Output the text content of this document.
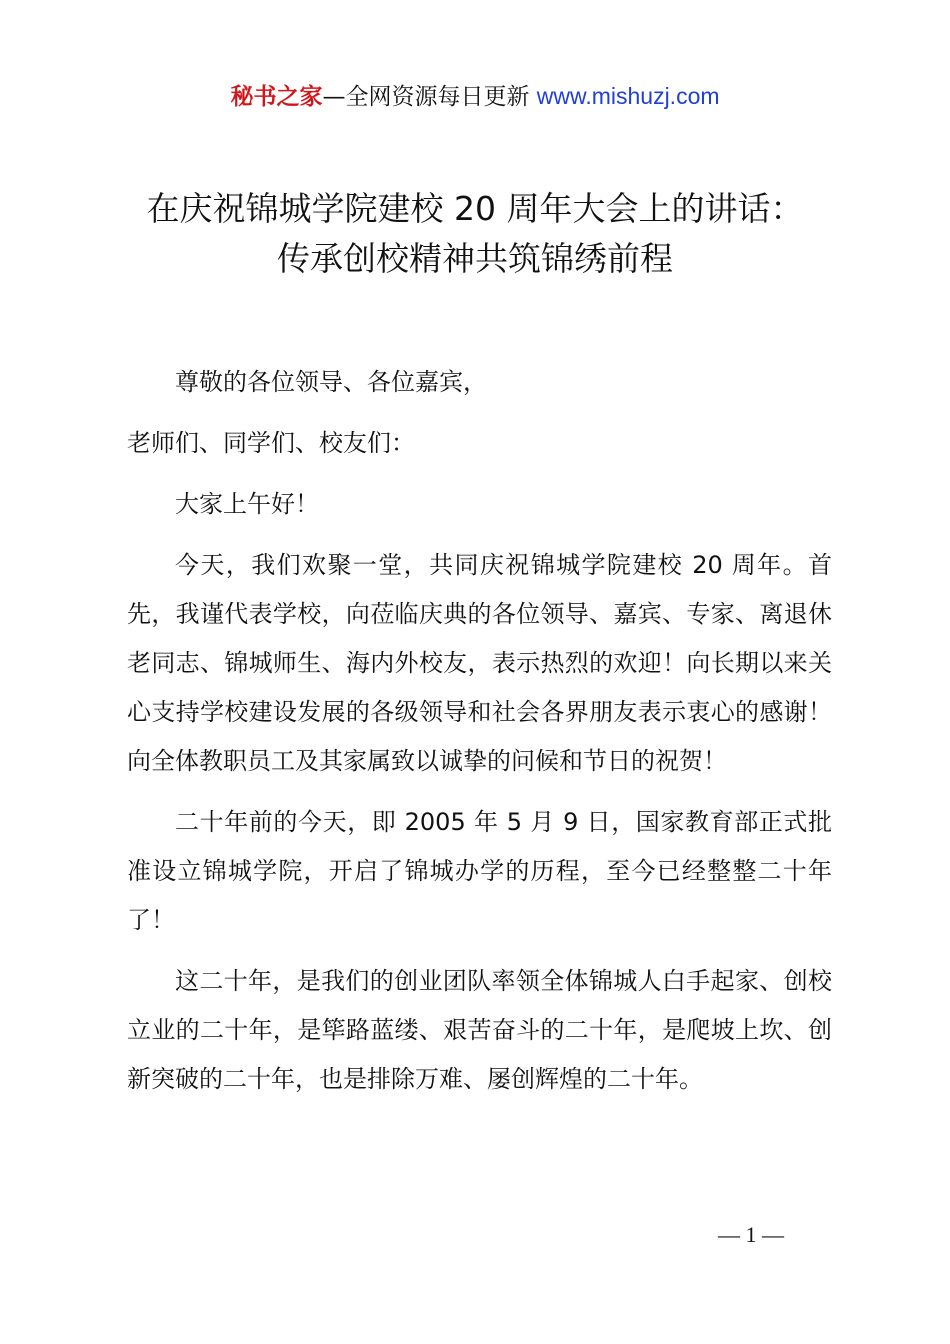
秘书之家—全网资源每日更新 www.mishuzj.com
在庆祝锦城学院建校 20 周年大会上的讲话：
传承创校精神共筑锦绣前程

尊敬的各位领导、各位嘉宾，

老师们、同学们、校友们：

大家上午好！

今天，我们欢聚一堂，共同庆祝锦城学院建校 20 周年。首先，我谨代表学校，向莅临庆典的各位领导、嘉宾、专家、离退休老同志、锦城师生、海内外校友，表示热烈的欢迎！向长期以来关心支持学校建设发展的各级领导和社会各界朋友表示衷心的感谢！向全体教职员工及其家属致以诚挚的问候和节日的祝贺！

二十年前的今天，即 2005 年 5 月 9 日，国家教育部正式批准设立锦城学院，开启了锦城办学的历程，至今已经整整二十年了！

这二十年，是我们的创业团队率领全体锦城人白手起家、创校立业的二十年，是筚路蓝缕、艰苦奋斗的二十年，是爬坡上坎、创新突破的二十年，也是排除万难、屡创辉煌的二十年。

— 1 —
